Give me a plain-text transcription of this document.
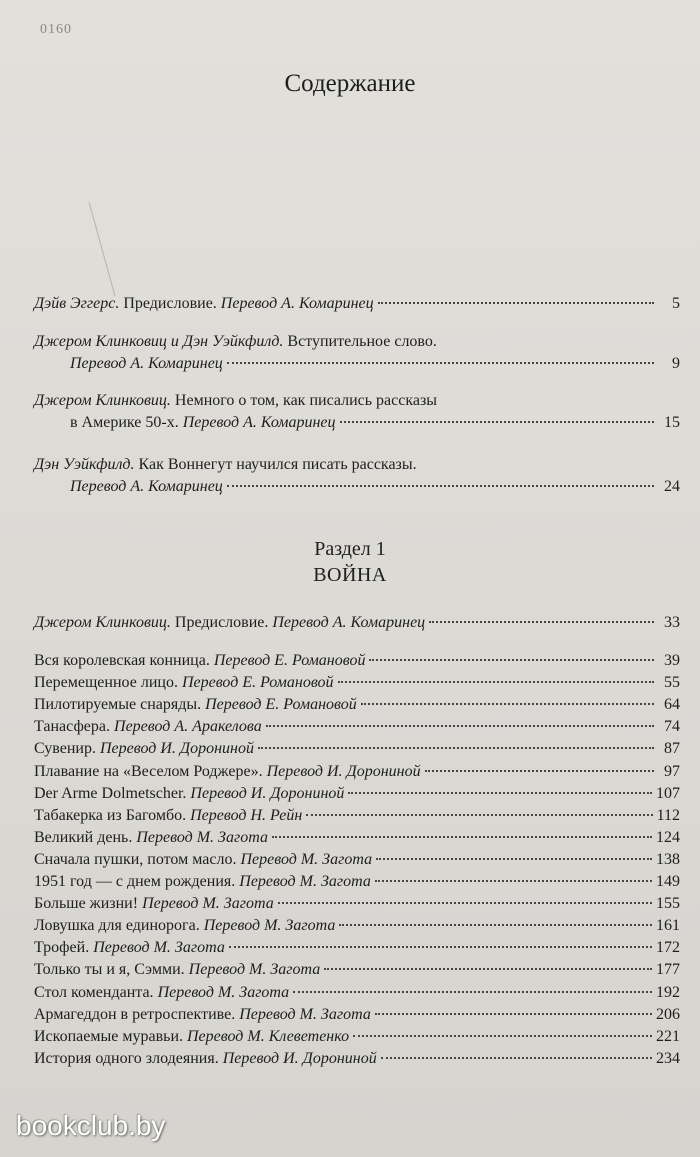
0160
Содержание
Дэйв Эггерс. Предисловие. Перевод А. Комаринец	5
Джером Клинковиц и Дэн Уэйкфилд. Вступительное слово.
Перевод А. Комаринец	9
Джером Клинковиц. Немного о том, как писались рассказы
в Америке 50-х. Перевод А. Комаринец	15
Дэн Уэйкфилд. Как Воннегут научился писать рассказы.
Перевод А. Комаринец	24
Раздел 1
ВОЙНА
Джером Клинковиц. Предисловие. Перевод А. Комаринец	33
Вся королевская конница. Перевод Е. Романовой	39
Перемещенное лицо. Перевод Е. Романовой	55
Пилотируемые снаряды. Перевод Е. Романовой	64
Танасфера. Перевод А. Аракелова	74
Сувенир. Перевод И. Дорониной	87
Плавание на «Веселом Роджере». Перевод И. Дорониной	97
Der Arme Dolmetscher. Перевод И. Дорониной	107
Табакерка из Багомбо. Перевод Н. Рейн	112
Великий день. Перевод М. Загота	124
Сначала пушки, потом масло. Перевод М. Загота	138
1951 год — с днем рождения. Перевод М. Загота	149
Больше жизни! Перевод М. Загота	155
Ловушка для единорога. Перевод М. Загота	161
Трофей. Перевод М. Загота	172
Только ты и я, Сэмми. Перевод М. Загота	177
Стол коменданта. Перевод М. Загота	192
Армагеддон в ретроспективе. Перевод М. Загота	206
Ископаемые муравьи. Перевод М. Клеветенко	221
История одного злодеяния. Перевод И. Дорониной	234
bookclub.by
